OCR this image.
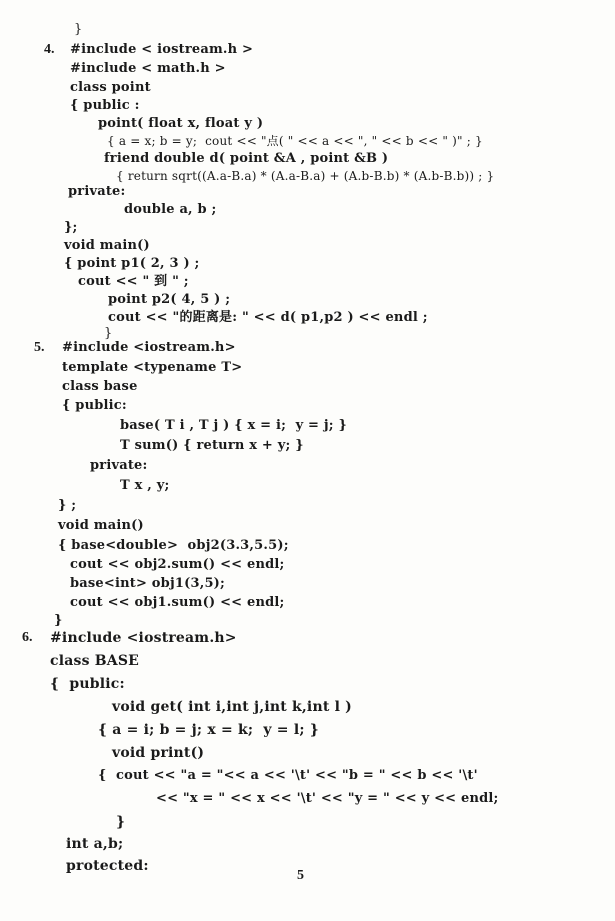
}
4. #include < iostream.h >
#include < math.h >
class point
{ public :
point( float x, float y )
{ a = x; b = y;  cout << "点( " << a << ", " << b << " )" ; }
friend double d( point &A , point &B )
{ return sqrt((A.a-B.a) * (A.a-B.a) + (A.b-B.b) * (A.b-B.b)) ; }
private:
double a, b ;
};
void main()
{ point p1( 2, 3 ) ;
cout << " 到 " ;
point p2( 4, 5 ) ;
cout << "的距离是: " << d( p1,p2 ) << endl ;
}
5. #include <iostream.h>
template <typename T>
class base
{ public:
base( T i , T j ) { x = i;  y = j; }
T sum() { return x + y; }
private:
T x , y;
} ;
void main()
{ base<double>  obj2(3.3,5.5);
cout << obj2.sum() << endl;
base<int> obj1(3,5);
cout << obj1.sum() << endl;
}
6. #include <iostream.h>
class BASE
{  public:
void get( int i,int j,int k,int l )
{ a = i; b = j; x = k;  y = l; }
void print()
{  cout << "a = "<< a << '\t' << "b = " << b << '\t'
<< "x = " << x << '\t' << "y = " << y << endl;
}
int a,b;
protected:
5
